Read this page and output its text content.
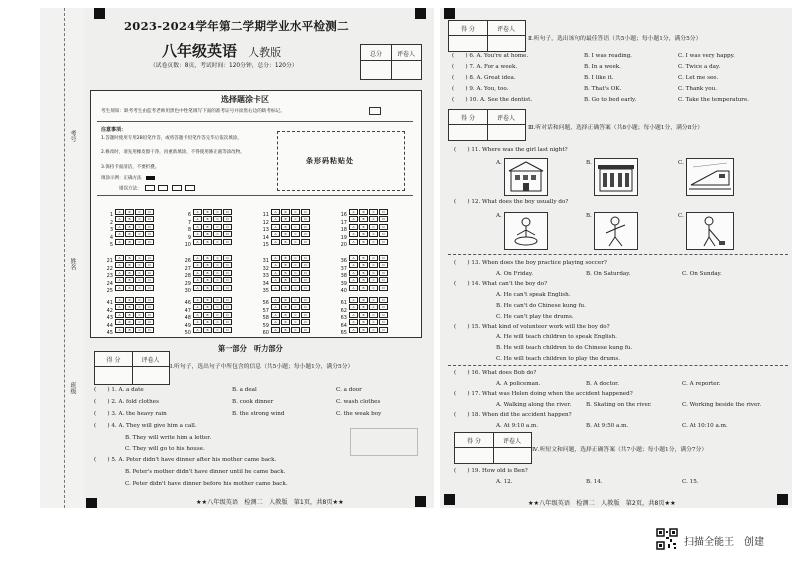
2023-2024学年第二学期学业水平检测二
八年级英语 人教版
（试卷页数：8页，考试时间：120分钟，总分：120分）
总分	评卷人
选择题涂卡区
考生须知：缺考考生由监考老师用黑色中性笔填写下面的准考证号并涂黑右边的缺考标记。
注意事项：
1.答题时使用专用2B铅笔作答，或将答题卡铅笔作答完毕后依次填涂。
2.修改时，请先用橡皮擦干净，再重新填涂，不得使用修正液等涂改物。
3.保持卡面清洁，不要折叠。
填涂示例：正确方法
错误方法：
条形码粘贴处
1A	B	C	D
2A	B	C	D
3A	B	C	D
4A	B	C	D
5A	B	C	D
6A	B	C	D
7A	B	C	D
8A	B	C	D
9A	B	C	D
10A	B	C	D
11A	B	C	D
12A	B	C	D
13A	B	C	D
14A	B	C	D
15A	B	C	D
16A	B	C	D
17A	B	C	D
18A	B	C	D
19A	B	C	D
20A	B	C	D
21A	B	C	D
22A	B	C	D
23A	B	C	D
24A	B	C	D
25A	B	C	D
26A	B	C	D
27A	B	C	D
28A	B	C	D
29A	B	C	D
30A	B	C	D
31A	B	C	D
32A	B	C	D
33A	B	C	D
34A	B	C	D
35A	B	C	D
36A	B	C	D
37A	B	C	D
38A	B	C	D
39A	B	C	D
40A	B	C	D
41A	B	C	D
42A	B	C	D
43A	B	C	D
44A	B	C	D
45A	B	C	D
46A	B	C	D
47A	B	C	D
48A	B	C	D
49A	B	C	D
50A	B	C	D
56A	B	C	D
57A	B	C	D
58A	B	C	D
59A	B	C	D
60A	B	C	D
61A	B	C	D
62A	B	C	D
63A	B	C	D
64A	B	C	D
65A	B	C	D
第一部分　听力部分
得 分	评卷人
Ⅰ.听句子，选出句子中所包含的信息（共5小题；每小题1分，满分5分）
(　　) 1. A. a date	B. a deal	C. a door
(　　) 2. A. fold clothes	B. cook dinner	C. wash clothes
(　　) 3. A. the heavy rain	B. the strong wind	C. the weak boy
(　　) 4. A. They will give him a call.
B. They will write him a letter.
C. They will go to his house.
(　　) 5. A. Peter didn't have dinner after his mother came back.
B. Peter's mother didn't have dinner until he came back.
C. Peter didn't have dinner before his mother came back.
★★八年级英语　检测二　人教版　第1页，共8页★★
考号
姓名
班级
得 分	评卷人
Ⅱ.听句子，选出该句的最佳答语（共5小题；每小题1分，满分5分）
(　　) 6. A. You're at home.	B. I was reading.	C. I was very happy.
(　　) 7. A. For a week.	B. In a week.	C. Twice a day.
(　　) 8. A. Great idea.	B. I like it.	C. Let me see.
(　　) 9. A. You, too.	B. That's OK.	C. Thank you.
(　　) 10. A. See the dentist.	B. Go to bed early.	C. Take the temperature.
得 分	评卷人
Ⅲ.听对话和问题，选择正确答案（共8小题；每小题1分，满分8分）
(　　) 11. Where was the girl last night?
A.	B.	C.
(　　) 12. What does the boy usually do?
A.	B.	C.
(　　) 13. When does the boy practice playing soccer?
A. On Friday.	B. On Saturday.	C. On Sunday.
(　　) 14. What can't the boy do?
A. He can't speak English.
B. He can't do Chinese kung fu.
C. He can't play the drums.
(　　) 15. What kind of volunteer work will the boy do?
A. He will teach children to speak English.
B. He will teach children to do Chinese kung fu.
C. He will teach children to play the drums.
(　　) 16. What does Bob do?
A. A policeman.	B. A doctor.	C. A reporter.
(　　) 17. What was Helen doing when the accident happened?
A. Walking along the river.	B. Skating on the river.	C. Working beside the river.
(　　) 18. When did the accident happen?
A. At 9:10 a.m.	B. At 9:50 a.m.	C. At 10:10 a.m.
得 分	评卷人
Ⅳ.听短文和问题，选择正确答案（共7小题；每小题1分，满分7分）
(　　) 19. How old is Ben?
A. 12.	B. 14.	C. 15.
★★八年级英语　检测二　人教版　第2页，共8页★★
扫描全能王　创建
